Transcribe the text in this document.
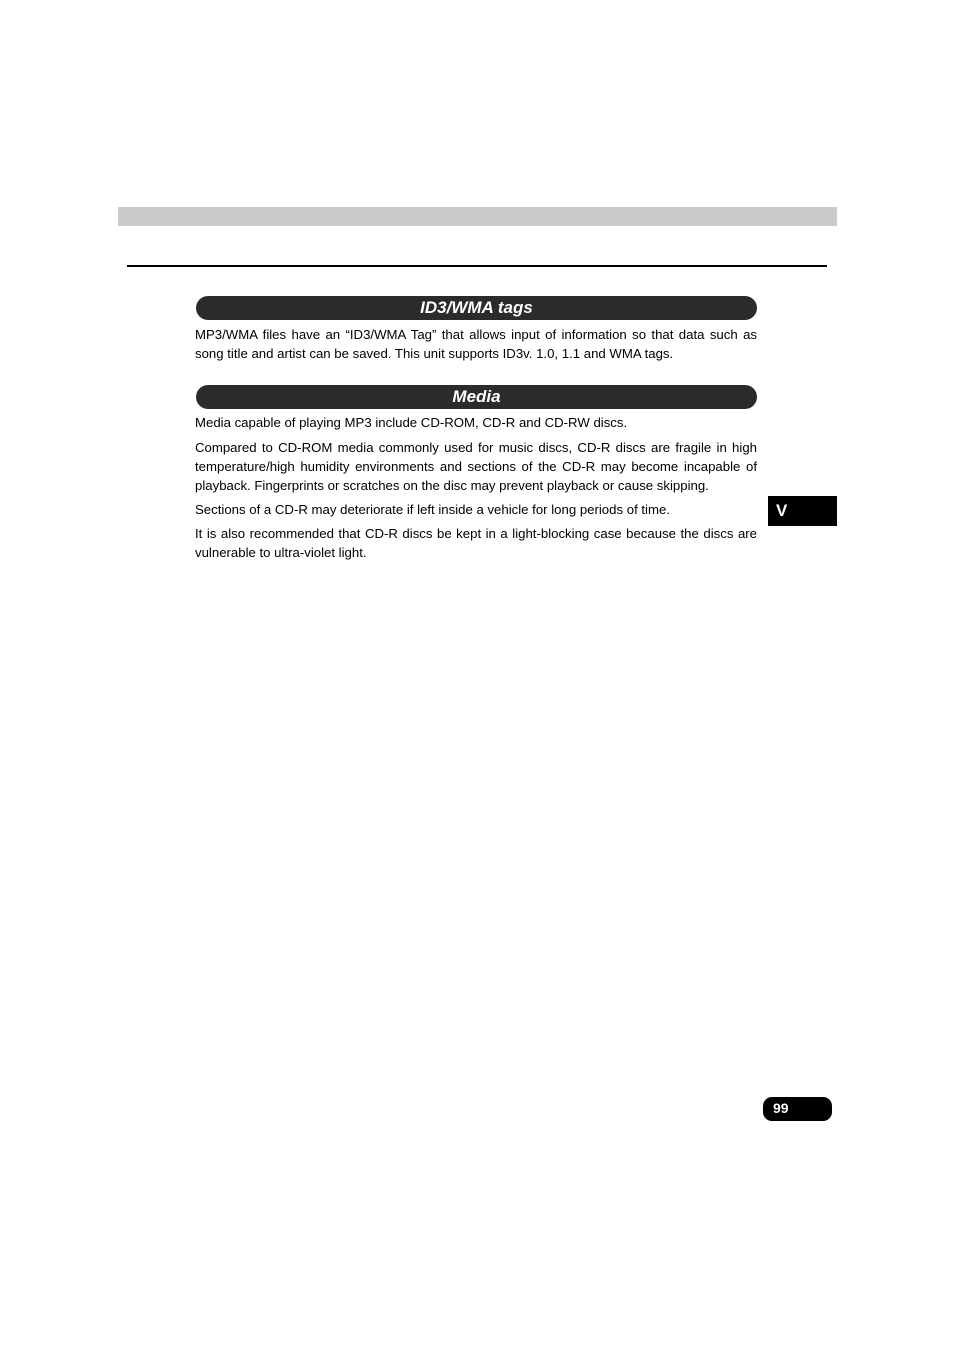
ID3/WMA tags

MP3/WMA files have an “ID3/WMA Tag” that allows input of information so that data such as song title and artist can be saved. This unit supports ID3v. 1.0, 1.1 and WMA tags.

Media

Media capable of playing MP3 include CD-ROM, CD-R and CD-RW discs.

Compared to CD-ROM media commonly used for music discs, CD-R discs are fragile in high temperature/high humidity environments and sections of the CD-R may become incapable of playback. Fingerprints or scratches on the disc may prevent playback or cause skipping.

Sections of a CD-R may deteriorate if left inside a vehicle for long periods of time.

It is also recommended that CD-R discs be kept in a light-blocking case because the discs are vulnerable to ultra-violet light.

V
99
